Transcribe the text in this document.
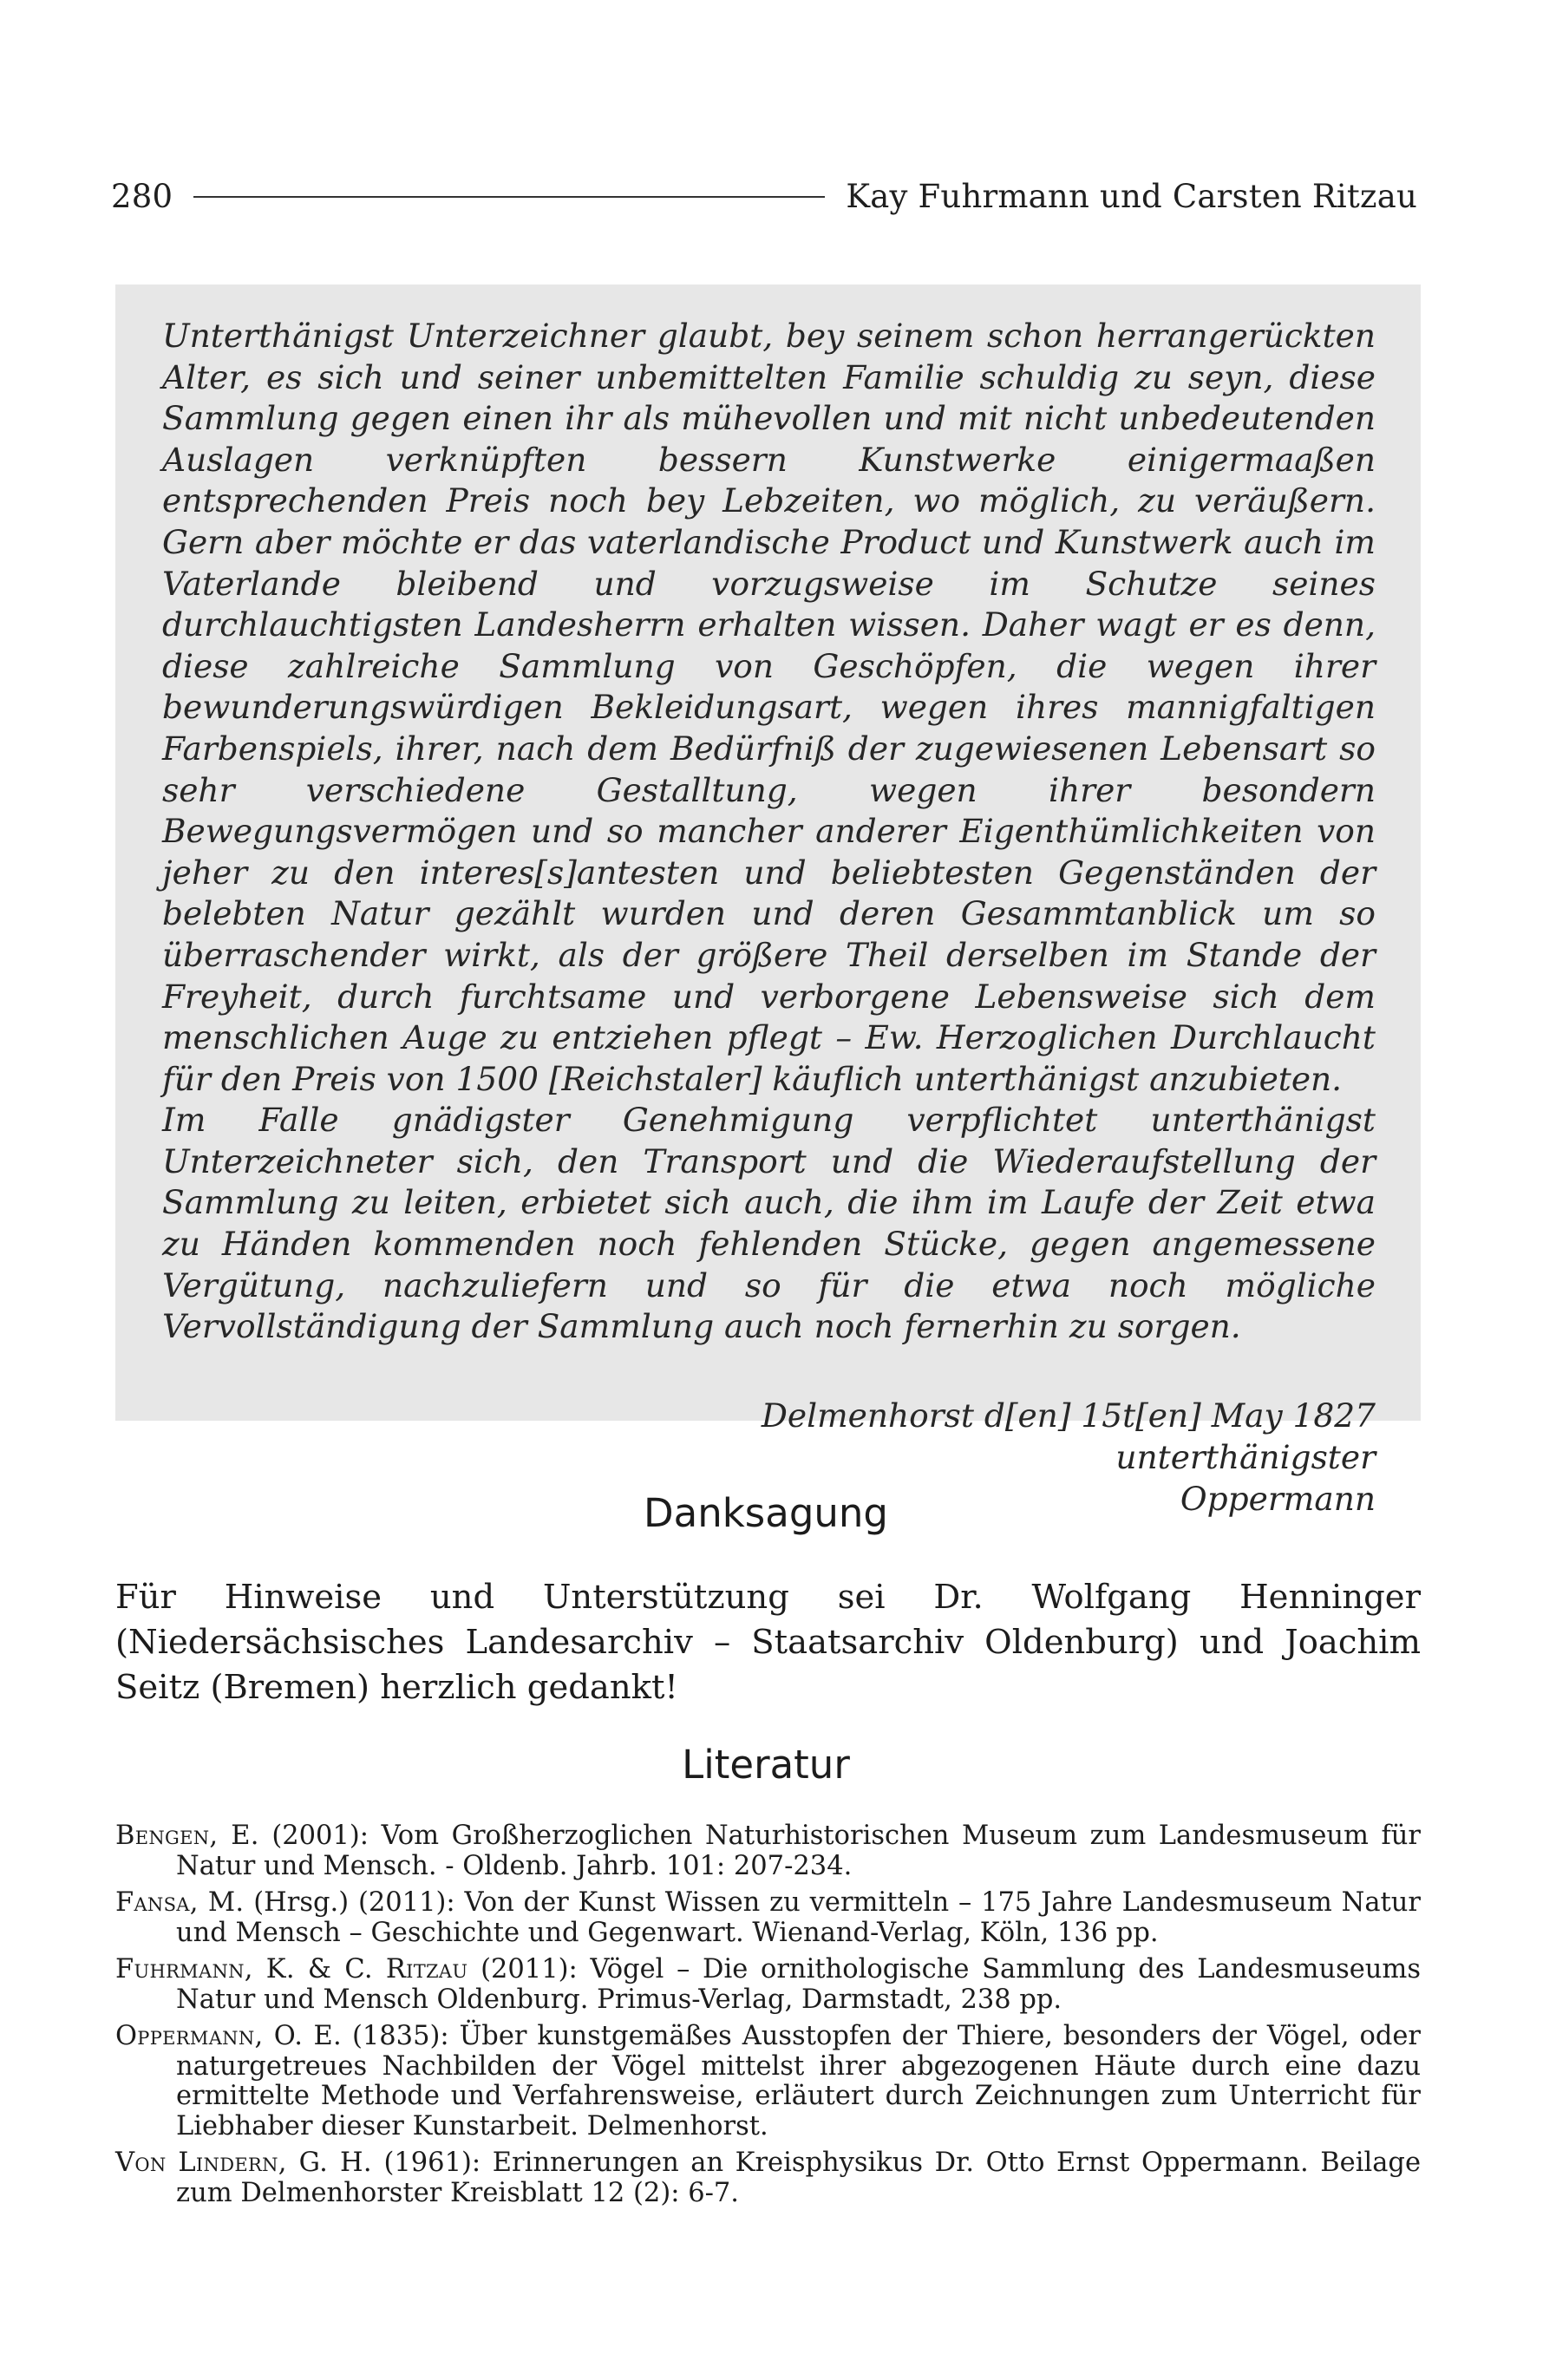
280	Kay Fuhrmann und Carsten Ritzau

Unterthänigst Unterzeichner glaubt, bey seinem schon herrangerückten Alter, es sich und seiner unbemittelten Familie schuldig zu seyn, diese Sammlung gegen einen ihr als mühevollen und mit nicht unbedeutenden Auslagen verknüpften bessern Kunstwerke einigermaaßen entsprechenden Preis noch bey Lebzeiten, wo möglich, zu veräußern. Gern aber möchte er das vaterlandische Product und Kunstwerk auch im Vaterlande bleibend und vorzugsweise im Schutze seines durchlauchtigsten Landesherrn erhalten wissen. Daher wagt er es denn, diese zahlreiche Sammlung von Geschöpfen, die wegen ihrer bewunderungswürdigen Bekleidungsart, wegen ihres mannigfaltigen Farbenspiels, ihrer, nach dem Bedürfniß der zugewiesenen Lebensart so sehr verschiedene Gestalltung, wegen ihrer besondern Bewegungsvermögen und so mancher anderer Eigenthümlichkeiten von jeher zu den interes[s]antesten und beliebtesten Gegenständen der belebten Natur gezählt wurden und deren Gesammtanblick um so überraschender wirkt, als der größere Theil derselben im Stande der Freyheit, durch furchtsame und verborgene Lebensweise sich dem menschlichen Auge zu entziehen pflegt – Ew. Herzoglichen Durchlaucht für den Preis von 1500 [Reichstaler] käuflich unterthänigst anzubieten.

Im Falle gnädigster Genehmigung verpflichtet unterthänigst Unterzeichneter sich, den Transport und die Wiederaufstellung der Sammlung zu leiten, erbietet sich auch, die ihm im Laufe der Zeit etwa zu Händen kommenden noch fehlenden Stücke, gegen angemessene Vergütung, nachzuliefern und so für die etwa noch mögliche Vervollständigung der Sammlung auch noch fernerhin zu sorgen.

Delmenhorst d[en] 15t[en] May 1827
unterthänigster
Oppermann
Danksagung

Für Hinweise und Unterstützung sei Dr. Wolfgang Henninger (Niedersächsisches Landesarchiv – Staatsarchiv Oldenburg) und Joachim Seitz (Bremen) herzlich gedankt!

Literatur
Bengen, E. (2001): Vom Großherzoglichen Naturhistorischen Museum zum Landesmuseum für Natur und Mensch. - Oldenb. Jahrb. 101: 207-234.
Fansa, M. (Hrsg.) (2011): Von der Kunst Wissen zu vermitteln – 175 Jahre Landesmuseum Natur und Mensch – Geschichte und Gegenwart. Wienand-Verlag, Köln, 136 pp.
Fuhrmann, K. & C. Ritzau (2011): Vögel – Die ornithologische Sammlung des Landesmuseums Natur und Mensch Oldenburg. Primus-Verlag, Darmstadt, 238 pp.
Oppermann, O. E. (1835): Über kunstgemäßes Ausstopfen der Thiere, besonders der Vögel, oder naturgetreues Nachbilden der Vögel mittelst ihrer abgezogenen Häute durch eine dazu ermittelte Methode und Verfahrensweise, erläutert durch Zeichnungen zum Unterricht für Liebhaber dieser Kunstarbeit. Delmenhorst.
Von Lindern, G. H. (1961): Erinnerungen an Kreisphysikus Dr. Otto Ernst Oppermann. Beilage zum Delmenhorster Kreisblatt 12 (2): 6-7.
